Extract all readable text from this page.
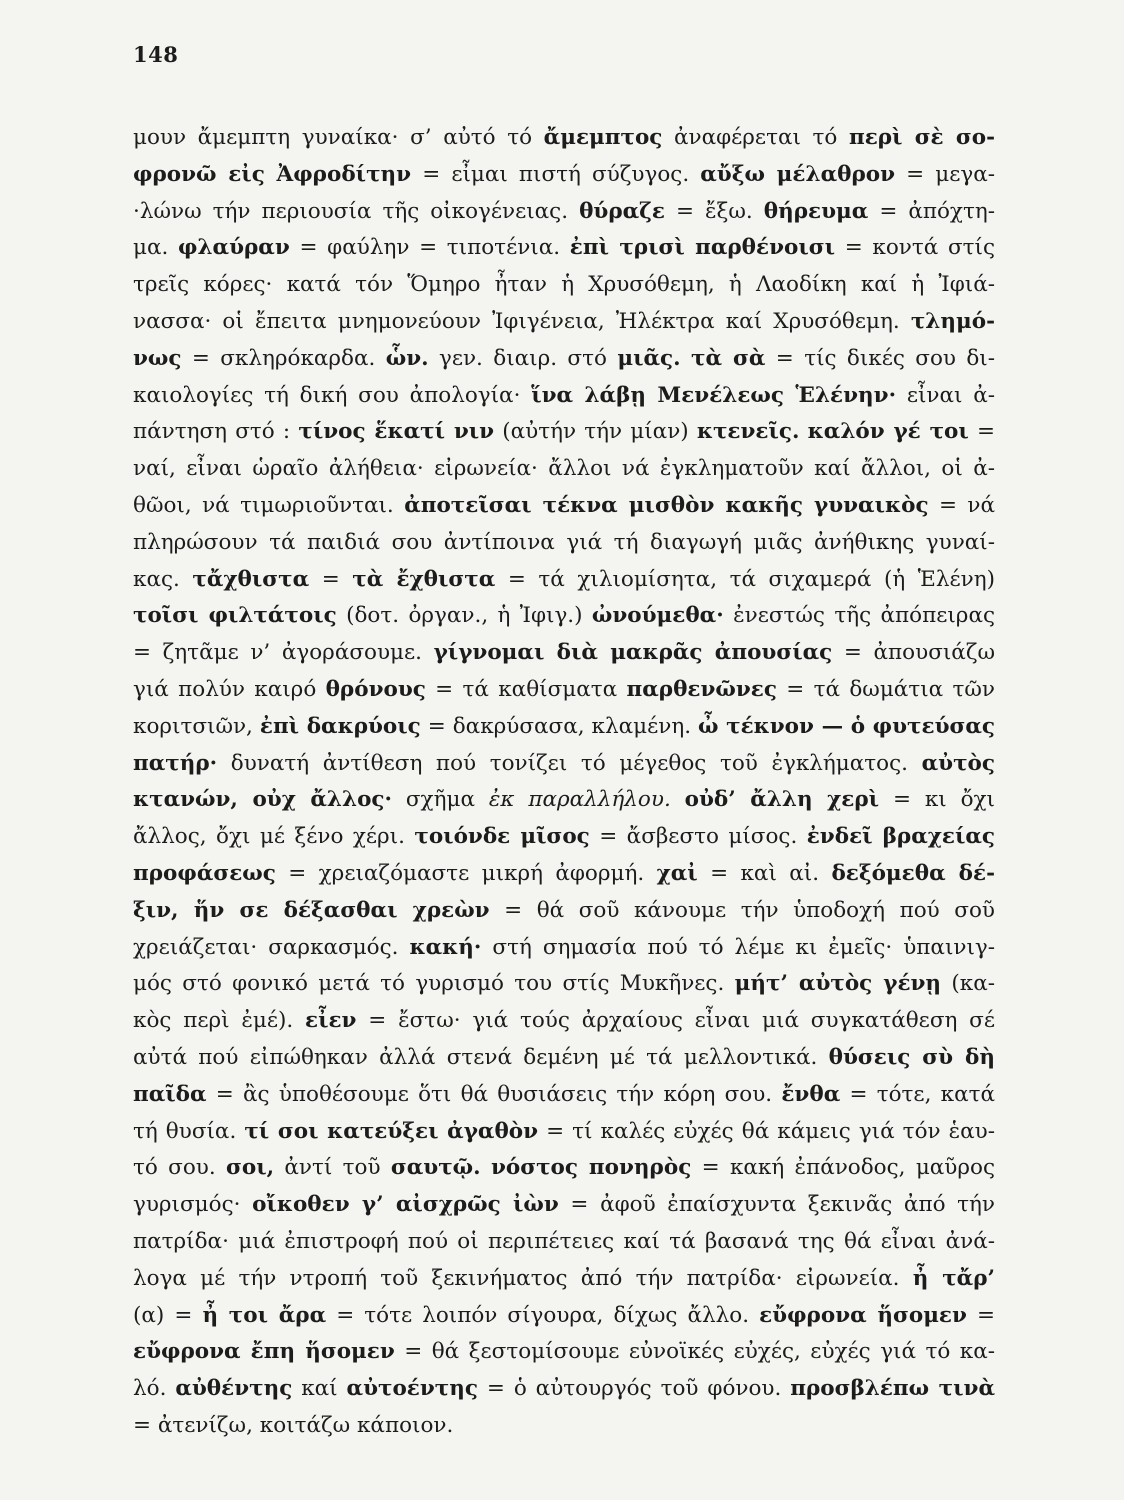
148
μουν ἄμεμπτη γυναίκα· σ’ αὐτό τό ἄμεμπτος ἀναφέρεται τό περὶ σὲ σο-
φρονῶ εἰς Ἀφροδίτην = εἶμαι πιστή σύζυγος. αὔξω μέλαθρον = μεγα-
·λώνω τήν περιουσία τῆς οἰκογένειας. θύραζε = ἔξω. θήρευμα = ἀπόχτη-
μα. φλαύραν = φαύλην = τιποτένια. ἐπὶ τρισὶ παρθένοισι = κοντά στίς
τρεῖς κόρες· κατά τόν Ὅμηρο ἦταν ἡ Χρυσόθεμη, ἡ Λαοδίκη καί ἡ Ἰφιά-
νασσα· οἱ ἔπειτα μνημονεύουν Ἰφιγένεια, Ἠλέκτρα καί Χρυσόθεμη. τλημό-
νως = σκληρόκαρδα. ὧν. γεν. διαιρ. στό μιᾶς. τὰ σὰ = τίς δικές σου δι-
καιολογίες τή δική σου ἀπολογία· ἵνα λάβῃ Μενέλεως Ἑλένην· εἶναι ἀ-
πάντηση στό : τίνος ἕκατί νιν (αὐτήν τήν μίαν) κτενεῖς. καλόν γέ τοι =
ναί, εἶναι ὡραῖο ἀλήθεια· εἰρωνεία· ἄλλοι νά ἐγκληματοῦν καί ἄλλοι, οἱ ἀ-
θῶοι, νά τιμωριοῦνται. ἀποτεῖσαι τέκνα μισθὸν κακῆς γυναικὸς = νά
πληρώσουν τά παιδιά σου ἀντίποινα γιά τή διαγωγή μιᾶς ἀνήθικης γυναί-
κας. τἄχθιστα = τὰ ἔχθιστα = τά χιλιομίσητα, τά σιχαμερά (ἡ Ἑλένη)
τοῖσι φιλτάτοις (δοτ. ὀργαν., ἡ Ἰφιγ.) ὠνούμεθα· ἐνεστώς τῆς ἀπόπειρας
= ζητᾶμε ν’ ἀγοράσουμε. γίγνομαι διὰ μακρᾶς ἀπουσίας = ἀπουσιάζω
γιά πολύν καιρό θρόνους = τά καθίσματα παρθενῶνες = τά δωμάτια τῶν
κοριτσιῶν, ἐπὶ δακρύοις = δακρύσασα, κλαμένη. ὦ τέκνον — ὁ φυτεύσας
πατήρ· δυνατή ἀντίθεση πού τονίζει τό μέγεθος τοῦ ἐγκλήματος. αὐτὸς
κτανών, οὐχ ἄλλος· σχῆμα ἐκ παραλλήλου. οὐδ’ ἄλλη χερὶ = κι ὄχι
ἄλλος, ὄχι μέ ξένο χέρι. τοιόνδε μῖσος = ἄσβεστο μίσος. ἐνδεῖ βραχείας
προφάσεως = χρειαζόμαστε μικρή ἀφορμή. χαἰ = καὶ αἰ. δεξόμεθα δέ-
ξιν, ἥν σε δέξασθαι χρεὼν = θά σοῦ κάνουμε τήν ὑποδοχή πού σοῦ
χρειάζεται· σαρκασμός. κακή· στή σημασία πού τό λέμε κι ἐμεῖς· ὑπαινιγ-
μός στό φονικό μετά τό γυρισμό του στίς Μυκῆνες. μήτ’ αὐτὸς γένῃ (κα-
κὸς περὶ ἐμέ). εἶεν = ἔστω· γιά τούς ἀρχαίους εἶναι μιά συγκατάθεση σέ
αὐτά πού εἰπώθηκαν ἀλλά στενά δεμένη μέ τά μελλοντικά. θύσεις σὺ δὴ
παῖδα = ἂς ὑποθέσουμε ὅτι θά θυσιάσεις τήν κόρη σου. ἔνθα = τότε, κατά
τή θυσία. τί σοι κατεύξει ἀγαθὸν = τί καλές εὐχές θά κάμεις γιά τόν ἑαυ-
τό σου. σοι, ἀντί τοῦ σαυτῷ. νόστος πονηρὸς = κακή ἐπάνοδος, μαῦρος
γυρισμός· οἴκοθεν γ’ αἰσχρῶς ἰὼν = ἀφοῦ ἐπαίσχυντα ξεκινᾶς ἀπό τήν
πατρίδα· μιά ἐπιστροφή πού οἱ περιπέτειες καί τά βασανά της θά εἶναι ἀνά-
λογα μέ τήν ντροπή τοῦ ξεκινήματος ἀπό τήν πατρίδα· εἰρωνεία. ἦ τἄρ’
(α) = ἦ τοι ἄρα = τότε λοιπόν σίγουρα, δίχως ἄλλο. εὔφρονα ἥσομεν =
εὔφρονα ἔπη ἥσομεν = θά ξεστομίσουμε εὐνοϊκές εὐχές, εὐχές γιά τό κα-
λό. αὐθέντης καί αὐτοέντης = ὁ αὐτουργός τοῦ φόνου. προσβλέπω τινὰ
= ἀτενίζω, κοιτάζω κάποιον.
